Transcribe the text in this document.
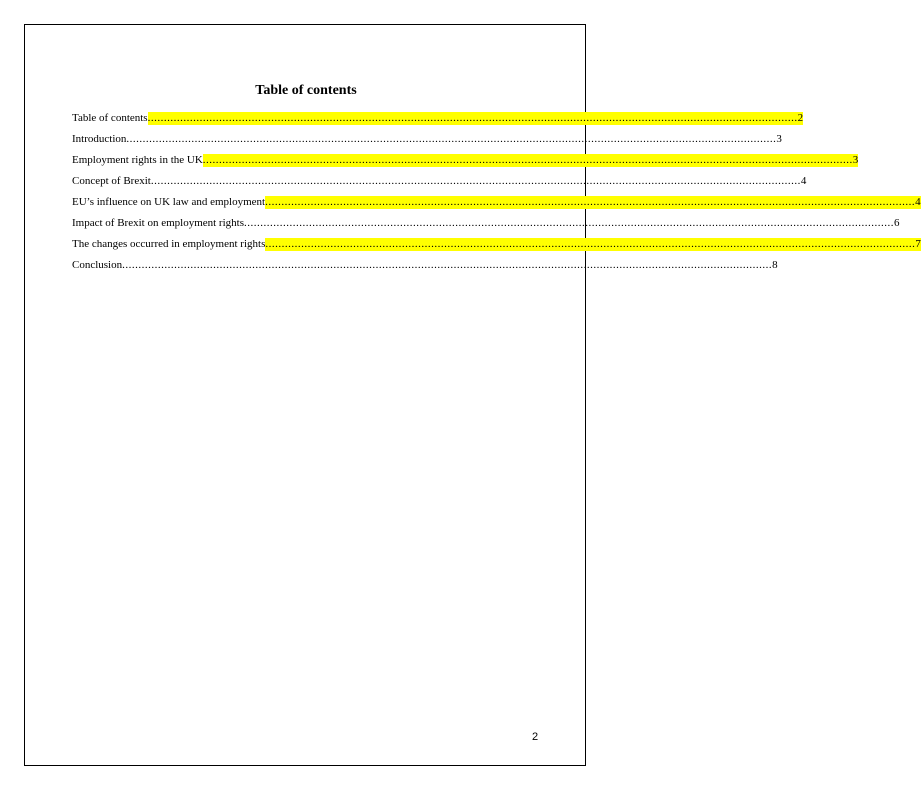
Table of contents
Table of contents ........................................................................................................................................................................................................ 2
Introduction ........................................................................................................................................................................................................ 3
Employment rights in the UK ........................................................................................................................................................................................................ 3
Concept of Brexit ........................................................................................................................................................................................................ 4
EU’s influence on UK law and employment ........................................................................................................................................................................................................ 4
Impact of Brexit on employment rights ........................................................................................................................................................................................................ 6
The changes occurred in employment rights ........................................................................................................................................................................................................ 7
Conclusion ........................................................................................................................................................................................................ 8
2
